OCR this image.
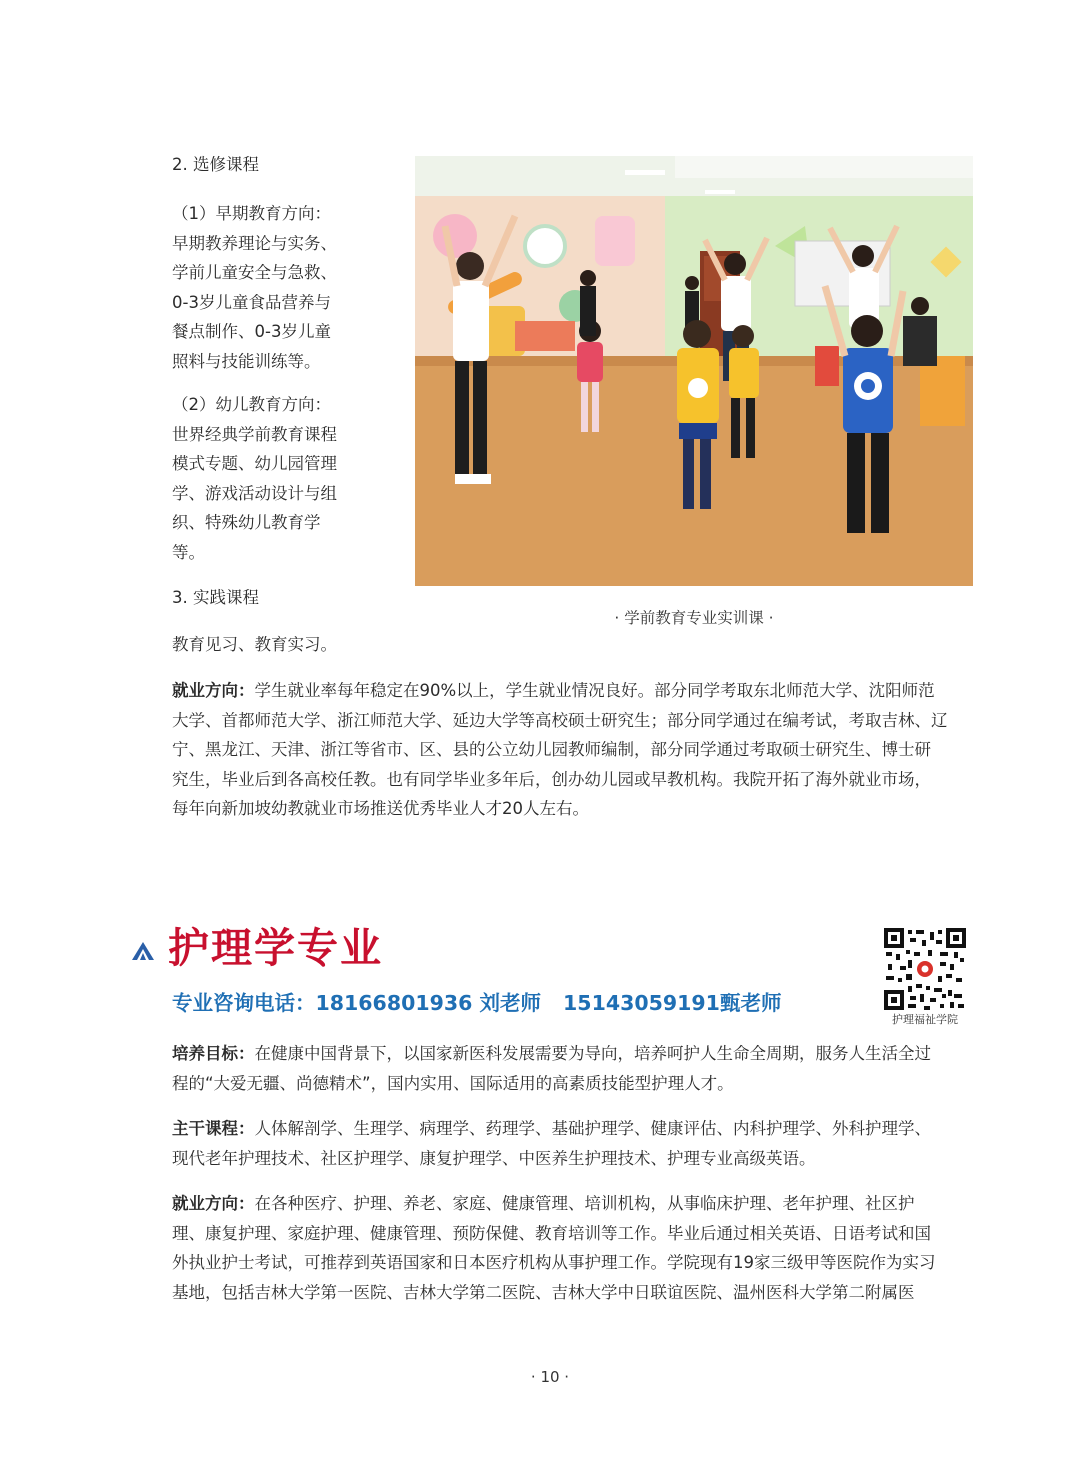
2. 选修课程
（1）早期教育方向：
早期教养理论与实务、
学前儿童安全与急救、
0-3岁儿童食品营养与
餐点制作、0-3岁儿童
照料与技能训练等。
（2）幼儿教育方向：
世界经典学前教育课程
模式专题、幼儿园管理
学、游戏活动设计与组
织、特殊幼儿教育学
等。
3. 实践课程
教育见习、教育实习。
· 学前教育专业实训课 ·
就业方向：学生就业率每年稳定在90%以上，学生就业情况良好。部分同学考取东北师范大学、沈阳师范
大学、首都师范大学、浙江师范大学、延边大学等高校硕士研究生；部分同学通过在编考试，考取吉林、辽
宁、黑龙江、天津、浙江等省市、区、县的公立幼儿园教师编制，部分同学通过考取硕士研究生、博士研
究生，毕业后到各高校任教。也有同学毕业多年后，创办幼儿园或早教机构。我院开拓了海外就业市场，
每年向新加坡幼教就业市场推送优秀毕业人才20人左右。
护理学专业
专业咨询电话：18166801936 刘老师 15143059191甄老师
护理福祉学院
培养目标：在健康中国背景下，以国家新医科发展需要为导向，培养呵护人生命全周期，服务人生活全过
程的“大爱无疆、尚德精术”，国内实用、国际适用的高素质技能型护理人才。
主干课程：人体解剖学、生理学、病理学、药理学、基础护理学、健康评估、内科护理学、外科护理学、
现代老年护理技术、社区护理学、康复护理学、中医养生护理技术、护理专业高级英语。
就业方向：在各种医疗、护理、养老、家庭、健康管理、培训机构，从事临床护理、老年护理、社区护
理、康复护理、家庭护理、健康管理、预防保健、教育培训等工作。毕业后通过相关英语、日语考试和国
外执业护士考试，可推荐到英语国家和日本医疗机构从事护理工作。学院现有19家三级甲等医院作为实习
基地，包括吉林大学第一医院、吉林大学第二医院、吉林大学中日联谊医院、温州医科大学第二附属医
· 10 ·
